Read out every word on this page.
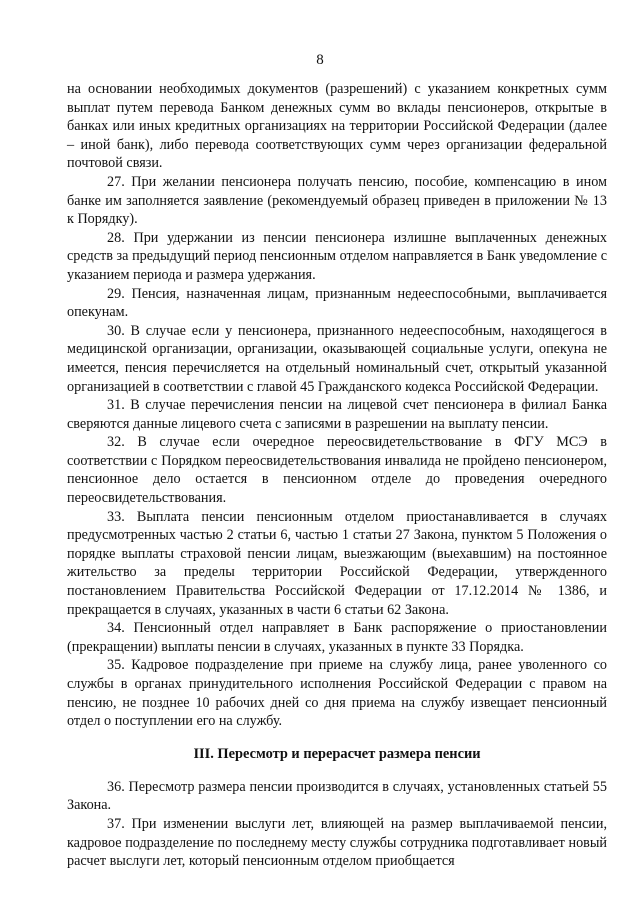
8

на основании необходимых документов (разрешений) с указанием конкретных сумм выплат путем перевода Банком денежных сумм во вклады пенсионеров, открытые в банках или иных кредитных организациях на территории Российской Федерации (далее – иной банк), либо перевода соответствующих сумм через организации федеральной почтовой связи.

27. При желании пенсионера получать пенсию, пособие, компенсацию в ином банке им заполняется заявление (рекомендуемый образец приведен в приложении № 13 к Порядку).

28. При удержании из пенсии пенсионера излишне выплаченных денежных средств за предыдущий период пенсионным отделом направляется в Банк уведомление с указанием периода и размера удержания.

29. Пенсия, назначенная лицам, признанным недееспособными, выплачивается опекунам.

30. В случае если у пенсионера, признанного недееспособным, находящегося в медицинской организации, организации, оказывающей социальные услуги, опекуна не имеется, пенсия перечисляется на отдельный номинальный счет, открытый указанной организацией в соответствии с главой 45 Гражданского кодекса Российской Федерации.

31. В случае перечисления пенсии на лицевой счет пенсионера в филиал Банка сверяются данные лицевого счета с записями в разрешении на выплату пенсии.

32. В случае если очередное переосвидетельствование в ФГУ МСЭ в соответствии с Порядком переосвидетельствования инвалида не пройдено пенсионером, пенсионное дело остается в пенсионном отделе до проведения очередного переосвидетельствования.

33. Выплата пенсии пенсионным отделом приостанавливается в случаях предусмотренных частью 2 статьи 6, частью 1 статьи 27 Закона, пунктом 5 Положения о порядке выплаты страховой пенсии лицам, выезжающим (выехавшим) на постоянное жительство за пределы территории Российской Федерации, утвержденного постановлением Правительства Российской Федерации от 17.12.2014 № 1386, и прекращается в случаях, указанных в части 6 статьи 62 Закона.

34. Пенсионный отдел направляет в Банк распоряжение о приостановлении (прекращении) выплаты пенсии в случаях, указанных в пункте 33 Порядка.

35. Кадровое подразделение при приеме на службу лица, ранее уволенного со службы в органах принудительного исполнения Российской Федерации с правом на пенсию, не позднее 10 рабочих дней со дня приема на службу извещает пенсионный отдел о поступлении его на службу.

III. Пересмотр и перерасчет размера пенсии

36. Пересмотр размера пенсии производится в случаях, установленных статьей 55 Закона.

37. При изменении выслуги лет, влияющей на размер выплачиваемой пенсии, кадровое подразделение по последнему месту службы сотрудника подготавливает новый расчет выслуги лет, который пенсионным отделом приобщается
